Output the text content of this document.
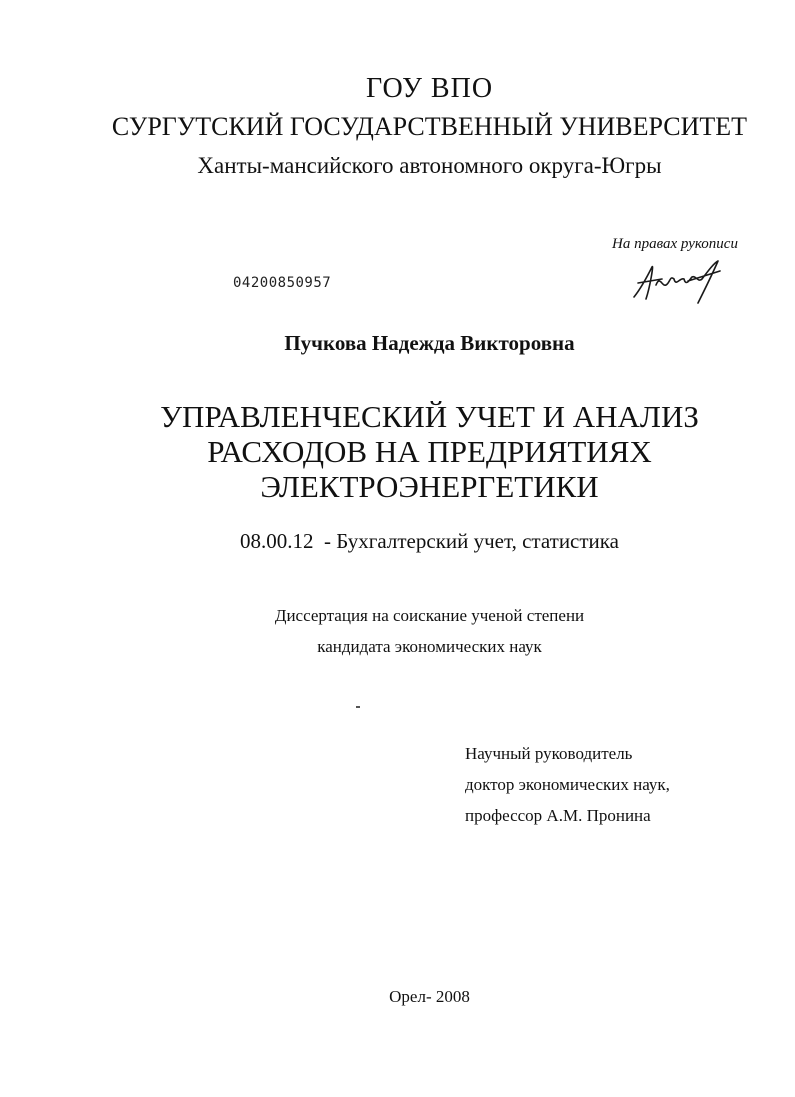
ГОУ ВПО
СУРГУТСКИЙ ГОСУДАРСТВЕННЫЙ УНИВЕРСИТЕТ
Ханты-мансийского автономного округа-Югры
На правах рукописи
04200850957
Пучкова Надежда Викторовна
УПРАВЛЕНЧЕСКИЙ УЧЕТ И АНАЛИЗ
РАСХОДОВ НА ПРЕДРИЯТИЯХ
ЭЛЕКТРОЭНЕРГЕТИКИ
08.00.12  - Бухгалтерский учет, статистика
Диссертация на соискание ученой степени
кандидата экономических наук
Научный руководитель
доктор экономических наук,
профессор А.М. Пронина
Орел- 2008
